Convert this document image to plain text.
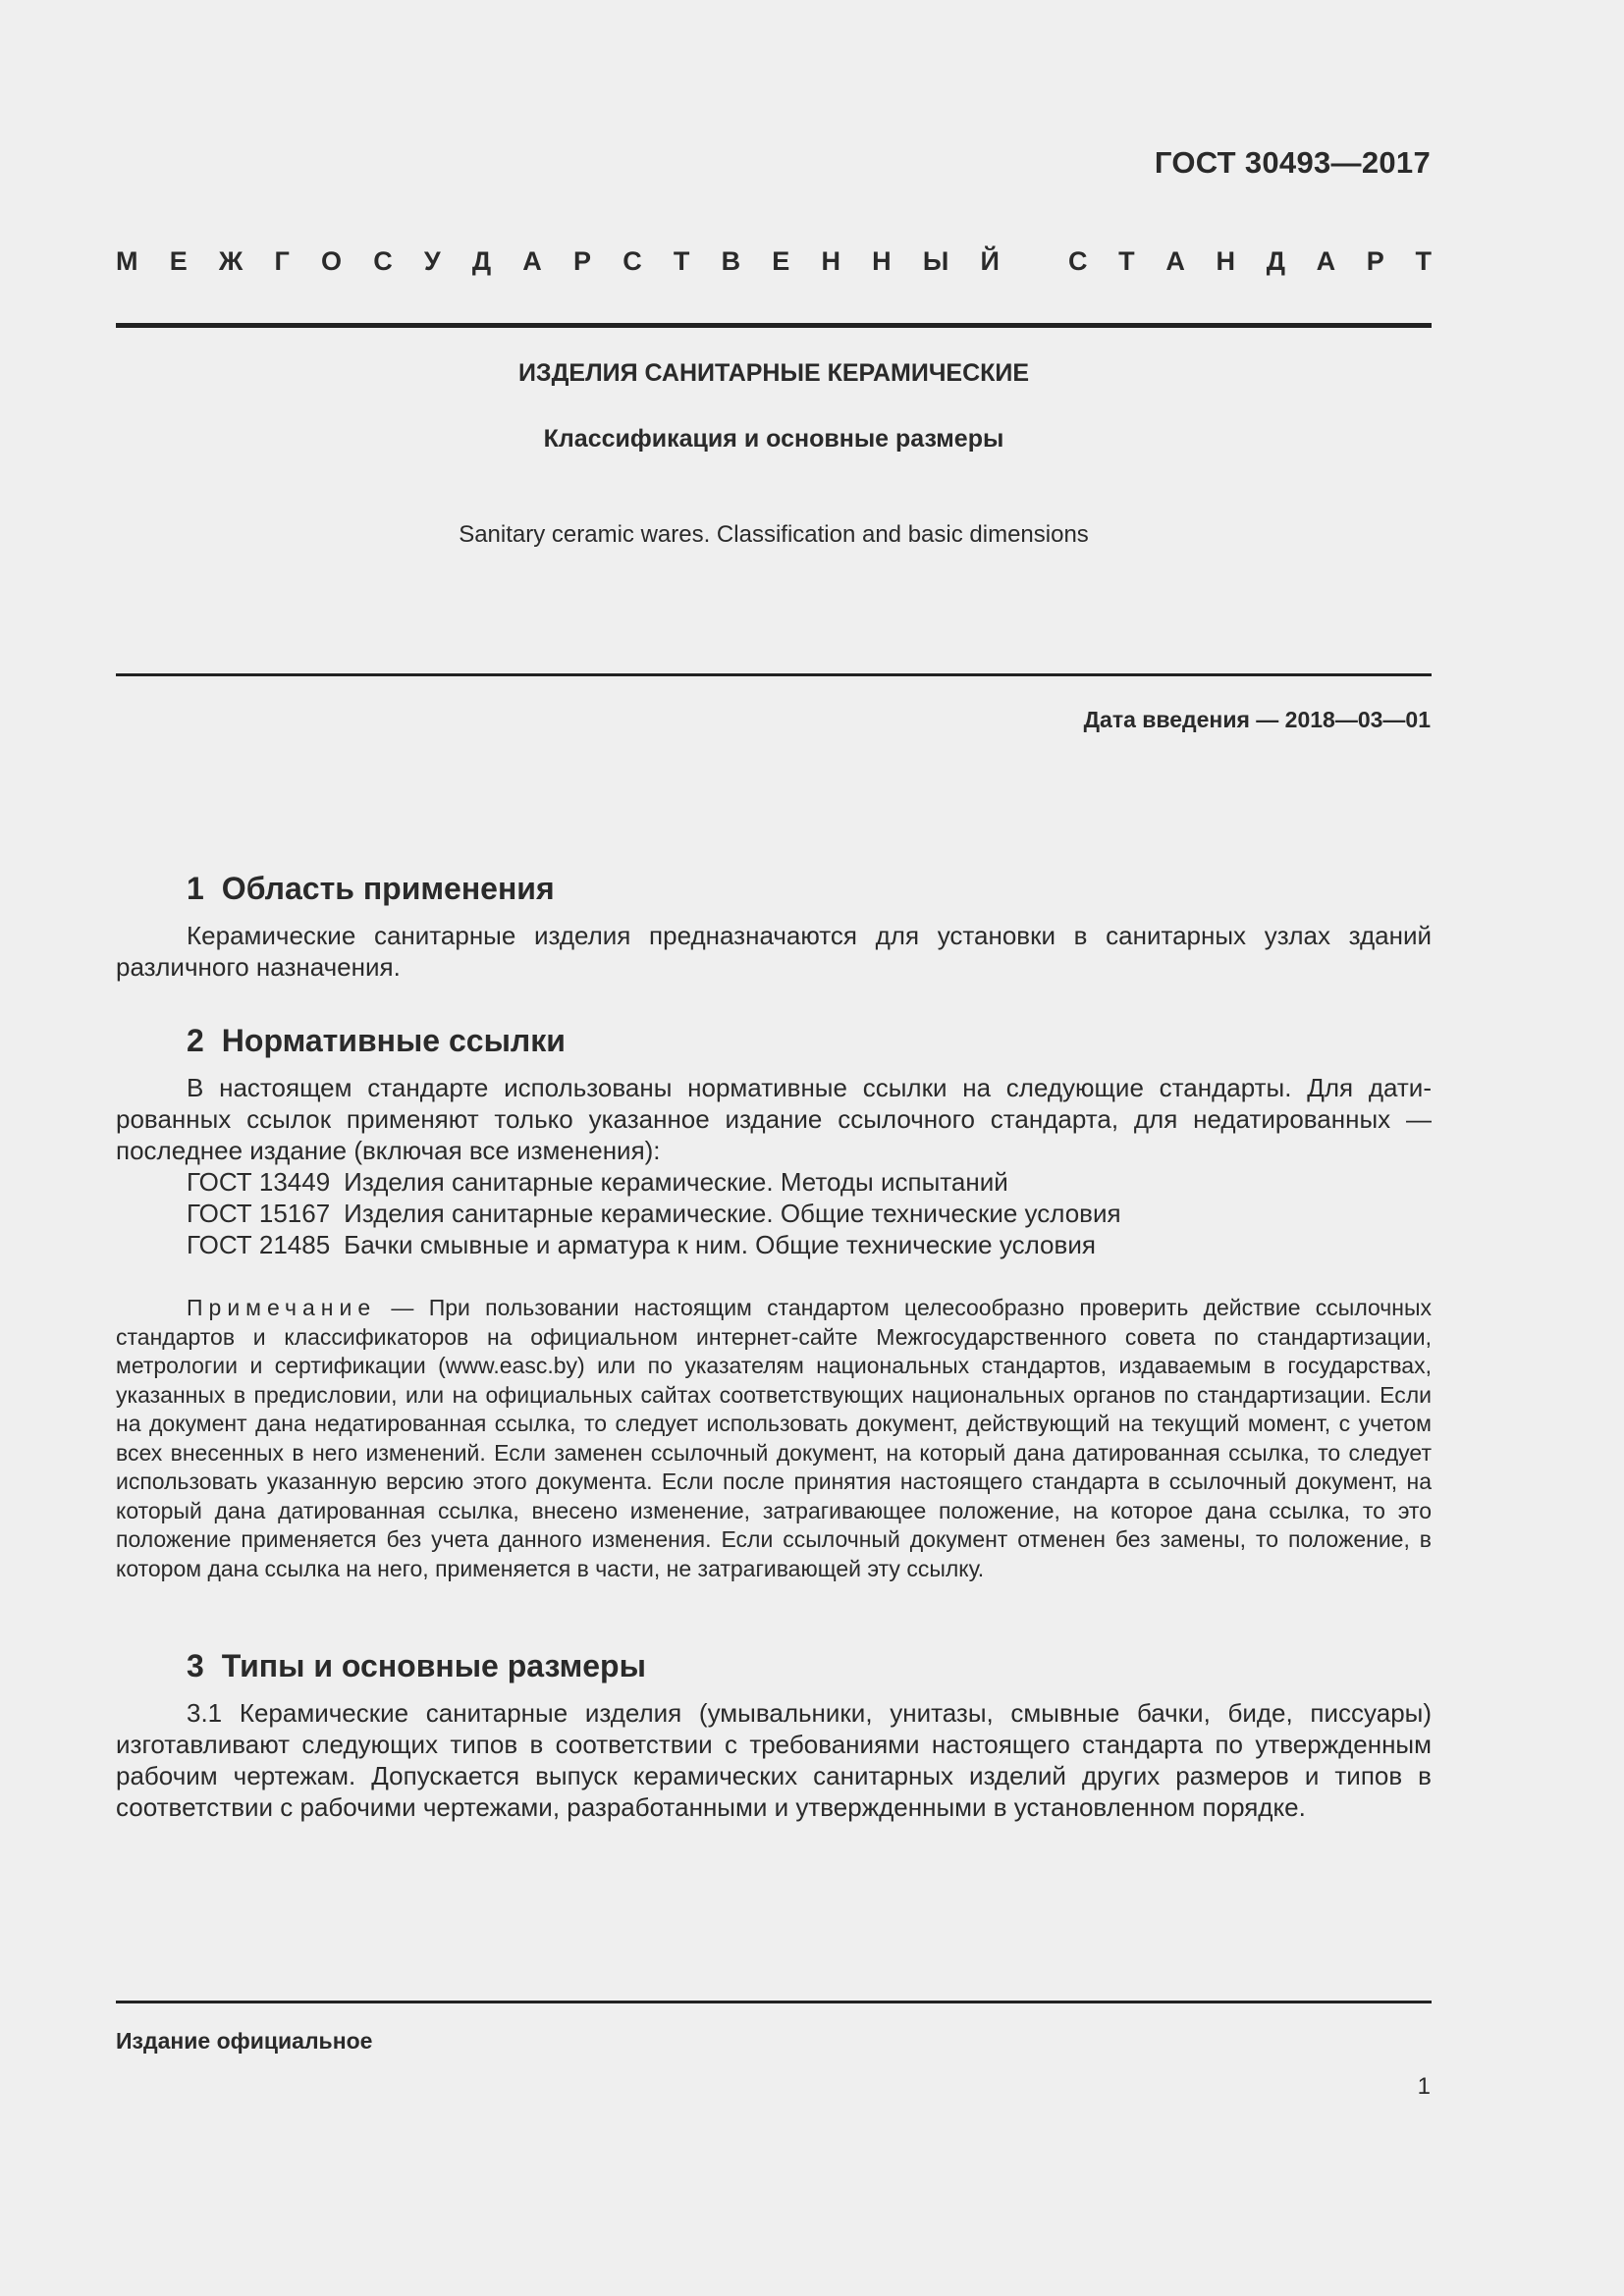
ГОСТ 30493—2017
М Е Ж Г О С У Д А Р С Т В Е Н Н Ы Й	С Т А Н Д А Р Т
ИЗДЕЛИЯ САНИТАРНЫЕ КЕРАМИЧЕСКИЕ
Классификация и основные размеры
Sanitary ceramic wares. Classification and basic dimensions
Дата введения — 2018—03—01
1 Область применения

Керамические санитарные изделия предназначаются для установки в санитарных узлах зданий различного назначения.

2 Нормативные ссылки

В настоящем стандарте использованы нормативные ссылки на следующие стандарты. Для датированных ссылок применяют только указанное издание ссылочного стандарта, для недатированных — последнее издание (включая все изменения):

ГОСТ 13449 Изделия санитарные керамические. Методы испытаний
ГОСТ 15167 Изделия санитарные керамические. Общие технические условия
ГОСТ 21485 Бачки смывные и арматура к ним. Общие технические условия

Примечание — При пользовании настоящим стандартом целесообразно проверить действие ссылочных стандартов и классификаторов на официальном интернет-сайте Межгосударственного совета по стандартизации, метрологии и сертификации (www.easc.by) или по указателям национальных стандартов, издаваемым в государствах, указанных в предисловии, или на официальных сайтах соответствующих национальных органов по стандартизации. Если на документ дана недатированная ссылка, то следует использовать документ, действующий на текущий момент, с учетом всех внесенных в него изменений. Если заменен ссылочный документ, на который дана датированная ссылка, то следует использовать указанную версию этого документа. Если после принятия настоящего стандарта в ссылочный документ, на который дана датированная ссылка, внесено изменение, затрагивающее положение, на которое дана ссылка, то это положение применяется без учета данного изменения. Если ссылочный документ отменен без замены, то положение, в котором дана ссылка на него, применяется в части, не затрагивающей эту ссылку.

3 Типы и основные размеры

3.1 Керамические санитарные изделия (умывальники, унитазы, смывные бачки, биде, писсуары) изготавливают следующих типов в соответствии с требованиями настоящего стандарта по утвержденным рабочим чертежам. Допускается выпуск керамических санитарных изделий других размеров и типов в соответствии с рабочими чертежами, разработанными и утвержденными в установленном порядке.

Издание официальное
1
